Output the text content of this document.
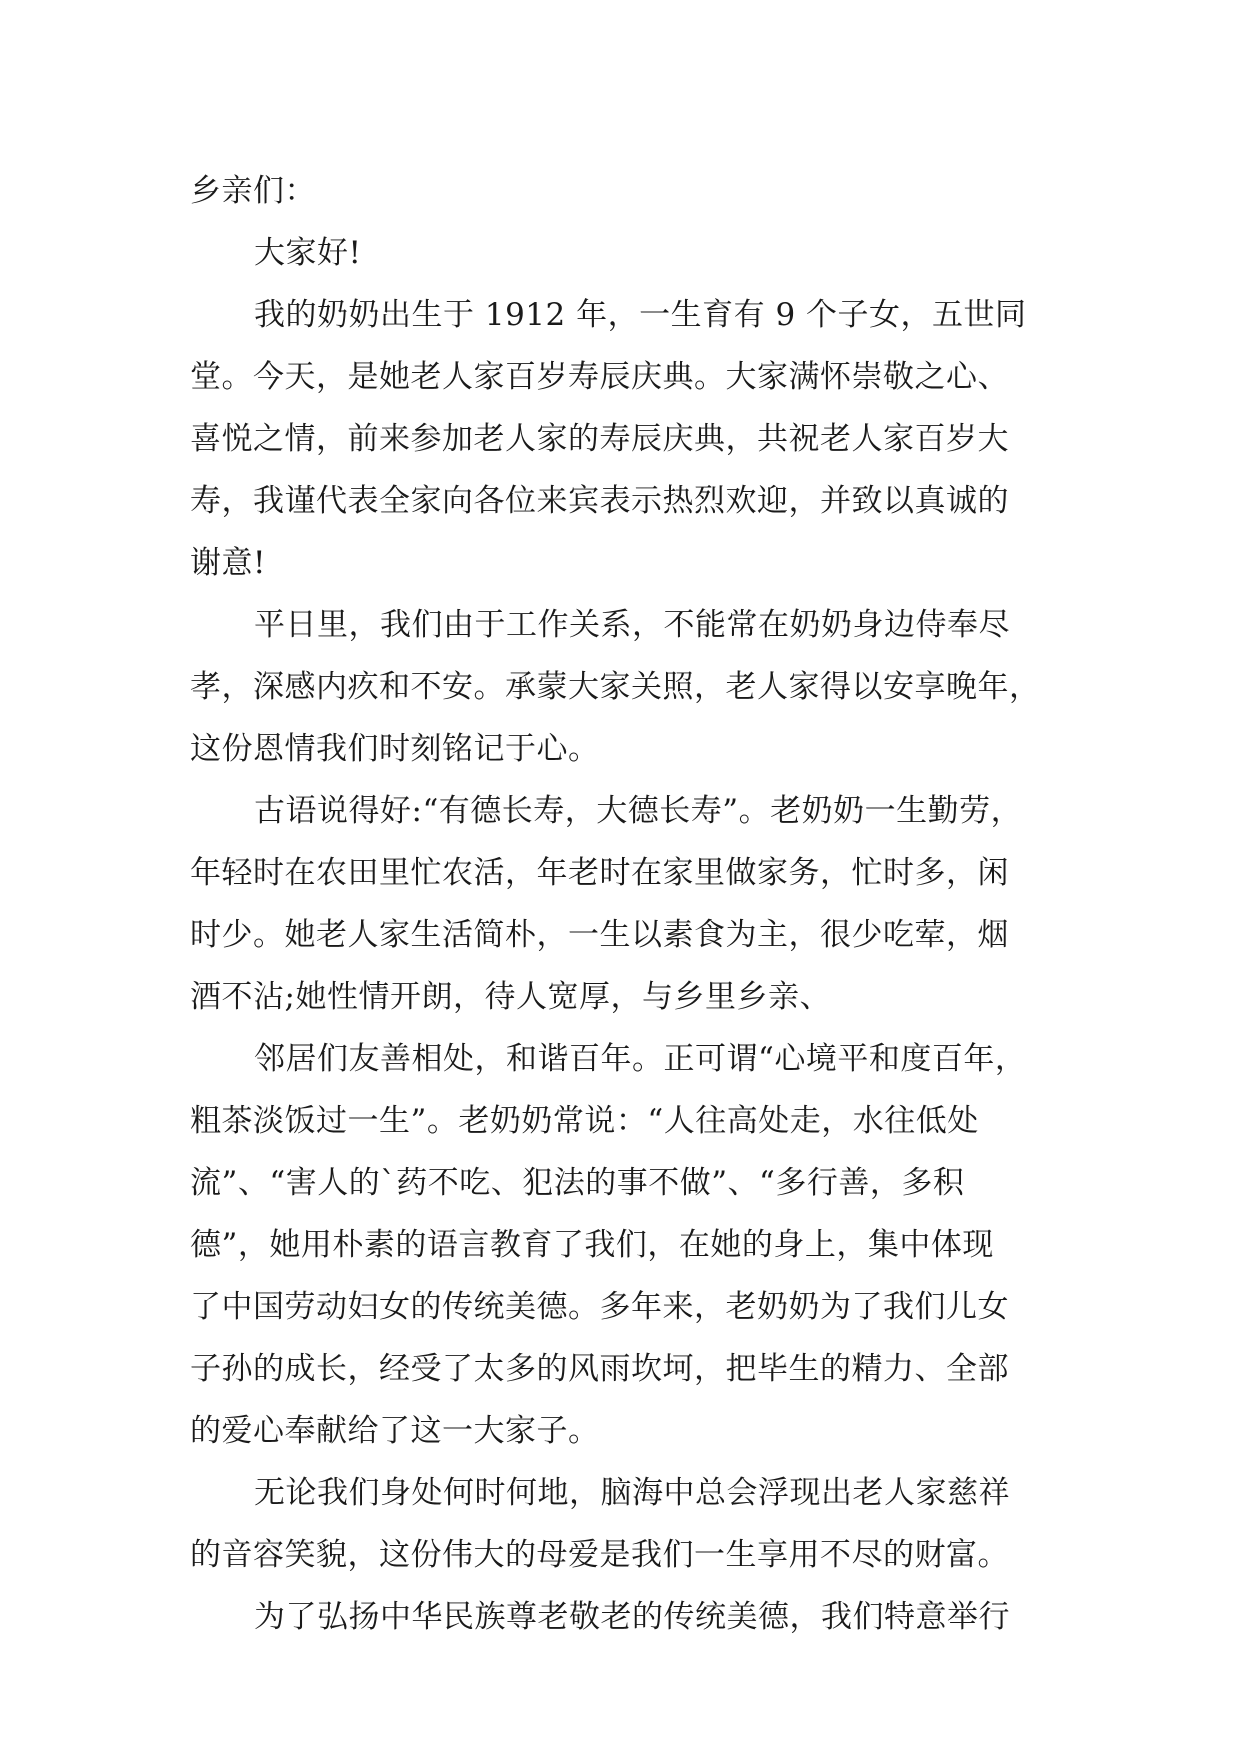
乡亲们：
大家好!
我的奶奶出生于 1912 年，一生育有 9 个子女，五世同
堂。今天，是她老人家百岁寿辰庆典。大家满怀崇敬之心、
喜悦之情，前来参加老人家的寿辰庆典，共祝老人家百岁大
寿，我谨代表全家向各位来宾表示热烈欢迎，并致以真诚的
谢意!
平日里，我们由于工作关系，不能常在奶奶身边侍奉尽
孝，深感内疚和不安。承蒙大家关照，老人家得以安享晚年，
这份恩情我们时刻铭记于心。
古语说得好:“有德长寿，大德长寿”。老奶奶一生勤劳，
年轻时在农田里忙农活，年老时在家里做家务，忙时多，闲
时少。她老人家生活简朴，一生以素食为主，很少吃荤，烟
酒不沾;她性情开朗，待人宽厚，与乡里乡亲、
邻居们友善相处，和谐百年。正可谓“心境平和度百年，
粗茶淡饭过一生”。老奶奶常说：“人往高处走，水往低处
流”、“害人的`药不吃、犯法的事不做”、“多行善，多积
德”，她用朴素的语言教育了我们，在她的身上，集中体现
了中国劳动妇女的传统美德。多年来，老奶奶为了我们儿女
子孙的成长，经受了太多的风雨坎坷，把毕生的精力、全部
的爱心奉献给了这一大家子。
无论我们身处何时何地，脑海中总会浮现出老人家慈祥
的音容笑貌，这份伟大的母爱是我们一生享用不尽的财富。
为了弘扬中华民族尊老敬老的传统美德，我们特意举行
